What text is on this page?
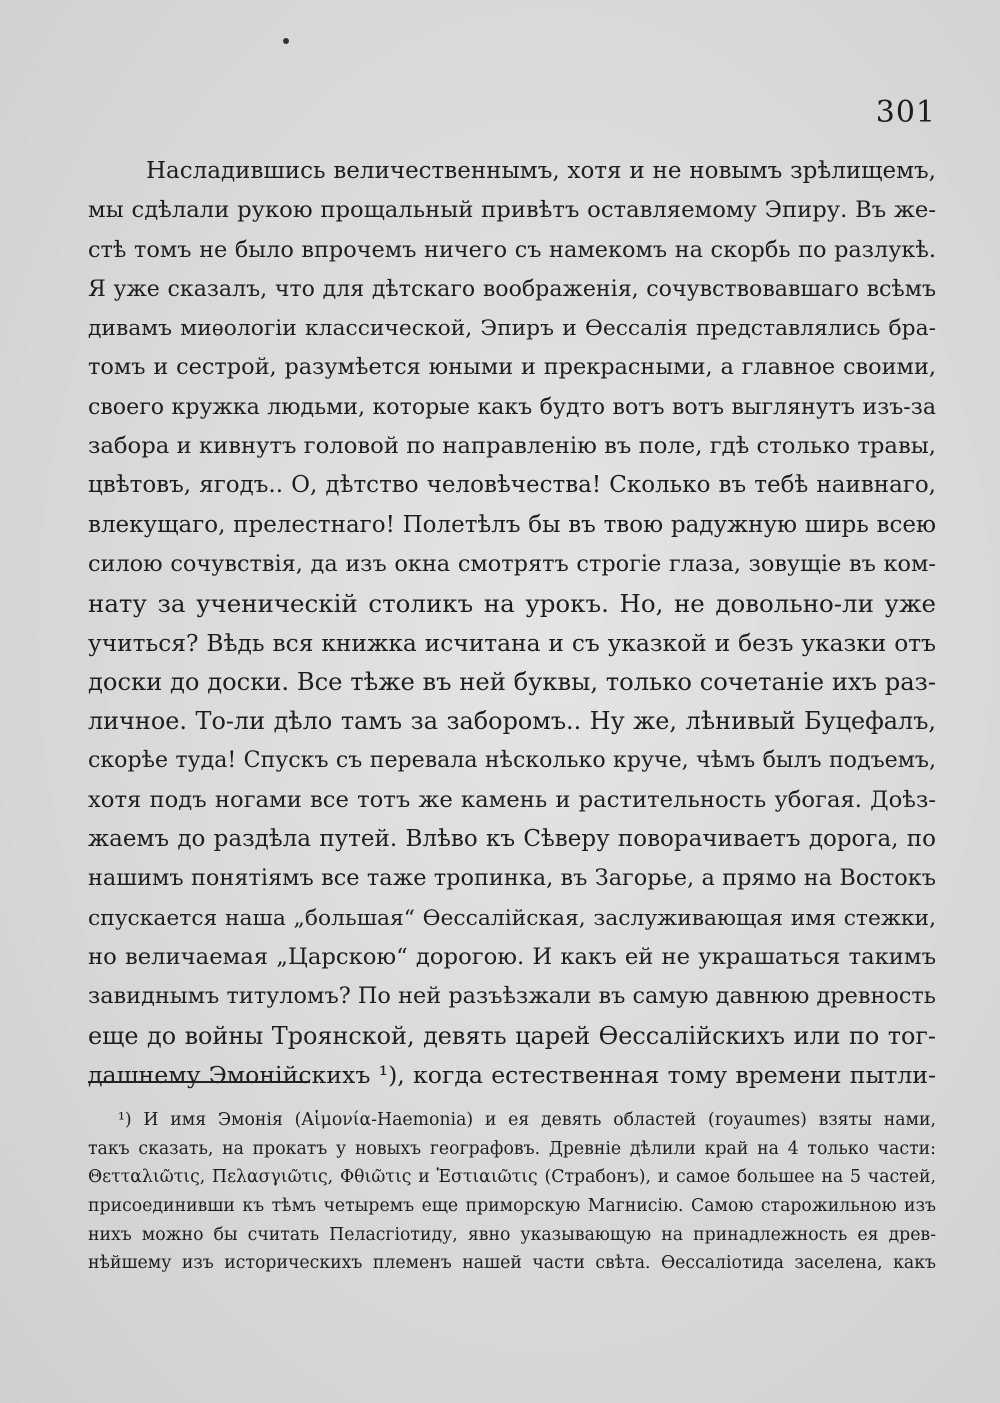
301
Насладившись величественнымъ, хотя и не новымъ зрѣлищемъ,
мы сдѣлали рукою прощальный привѣтъ оставляемому Эпиру. Въ же-
стѣ томъ не было впрочемъ ничего съ намекомъ на скорбь по разлукѣ.
Я уже сказалъ, что для дѣтскаго воображенія, сочувствовавшаго всѣмъ
дивамъ миѳологіи классической, Эпиръ и Өессалія представлялись бра-
томъ и сестрой, разумѣется юными и прекрасными, а главное своими,
своего кружка людьми, которые какъ будто вотъ вотъ выглянутъ изъ-за
забора и кивнутъ головой по направленію въ поле, гдѣ столько травы,
цвѣтовъ, ягодъ.. О, дѣтство человѣчества! Сколько въ тебѣ наивнаго,
влекущаго, прелестнаго! Полетѣлъ бы въ твою радужную ширь всею
силою сочувствія, да изъ окна смотрятъ строгіе глаза, зовущіе въ ком-
нату за ученическій столикъ на урокъ. Но, не довольно-ли уже
учиться? Вѣдь вся книжка исчитана и съ указкой и безъ указки отъ
доски до доски. Все тѣже въ ней буквы, только сочетаніе ихъ раз-
личное. То-ли дѣло тамъ за заборомъ.. Ну же, лѣнивый Буцефалъ,
скорѣе туда! Спускъ съ перевала нѣсколько круче, чѣмъ былъ подъемъ,
хотя подъ ногами все тотъ же камень и растительность убогая. Доѣз-
жаемъ до раздѣла путей. Влѣво къ Сѣверу поворачиваетъ дорога, по
нашимъ понятіямъ все таже тропинка, въ Загорье, а прямо на Востокъ
спускается наша „большая“ Өессалійская, заслуживающая имя стежки,
но величаемая „Царскою“ дорогою. И какъ ей не украшаться такимъ
завиднымъ титуломъ? По ней разъѣзжали въ самую давнюю древность
еще до войны Троянской, девять царей Өессалійскихъ или по тог-
дашнему Эмонійскихъ ¹), когда естественная тому времени пытли-
¹) И имя Эмонія (Αἱμονία-Haemonia) и ея девять областей (royaumes) взяты нами,
такъ сказать, на прокатъ у новыхъ географовъ. Древніе дѣлили край на 4 только части:
Θετταλιῶτις, Πελασγιῶτις, Φθιῶτις и Ἑστιαιῶτις (Страбонъ), и самое большее на 5 частей,
присоединивши къ тѣмъ четыремъ еще приморскую Магнисію. Самою старожильною изъ
нихъ можно бы считать Пеласгіотиду, явно указывающую на принадлежность ея древ-
нѣйшему изъ историческихъ племенъ нашей части свѣта. Өессаліотида заселена, какъ
